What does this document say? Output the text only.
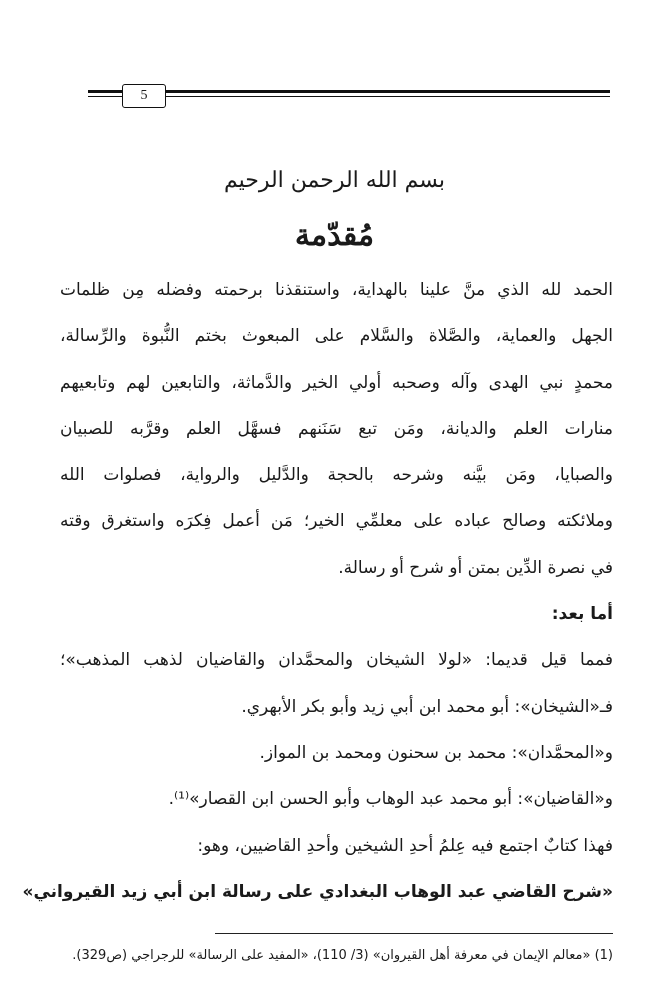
5
بسم الله الرحمن الرحيم
مُقدّمة
الحمد لله الذي منَّ علينا بالهداية، واستنقذنا برحمته وفضله مِن ظلمات
الجهل والعماية، والصَّلاة والسَّلام على المبعوث بختم النُّبوة والرِّسالة،
محمدٍ نبي الهدى وآله وصحبه أولي الخير والدَّماثة، والتابعين لهم وتابعيهم
منارات العلم والديانة، ومَن تبع سَنَنهم فسهَّل العلم وقرَّبه للصبيان
والصبايا، ومَن بيَّنه وشرحه بالحجة والدَّليل والرواية، فصلوات الله
وملائكته وصالح عباده على معلمِّي الخير؛ مَن أعمل فِكرَه واستغرق وقته
في نصرة الدِّين بمتن أو شرح أو رسالة.
أما بعد:
فمما قيل قديما: «لولا الشيخان والمحمَّدان والقاضيان لذهب المذهب»؛
فـ«الشيخان»: أبو محمد ابن أبي زيد وأبو بكر الأبهري.
و«المحمَّدان»: محمد بن سحنون ومحمد بن المواز.
و«القاضيان»: أبو محمد عبد الوهاب وأبو الحسن ابن القصار»⁽¹⁾.
فهذا كتابٌ اجتمع فيه عِلمُ أحدِ الشيخين وأحدِ القاضيين، وهو:
«شرح القاضي عبد الوهاب البغدادي على رسالة ابن أبي زيد القيرواني»
(1) «معالم الإيمان في معرفة أهل القيروان» (3/ 110)، «المفيد على الرسالة» للرجراجي (ص329).
